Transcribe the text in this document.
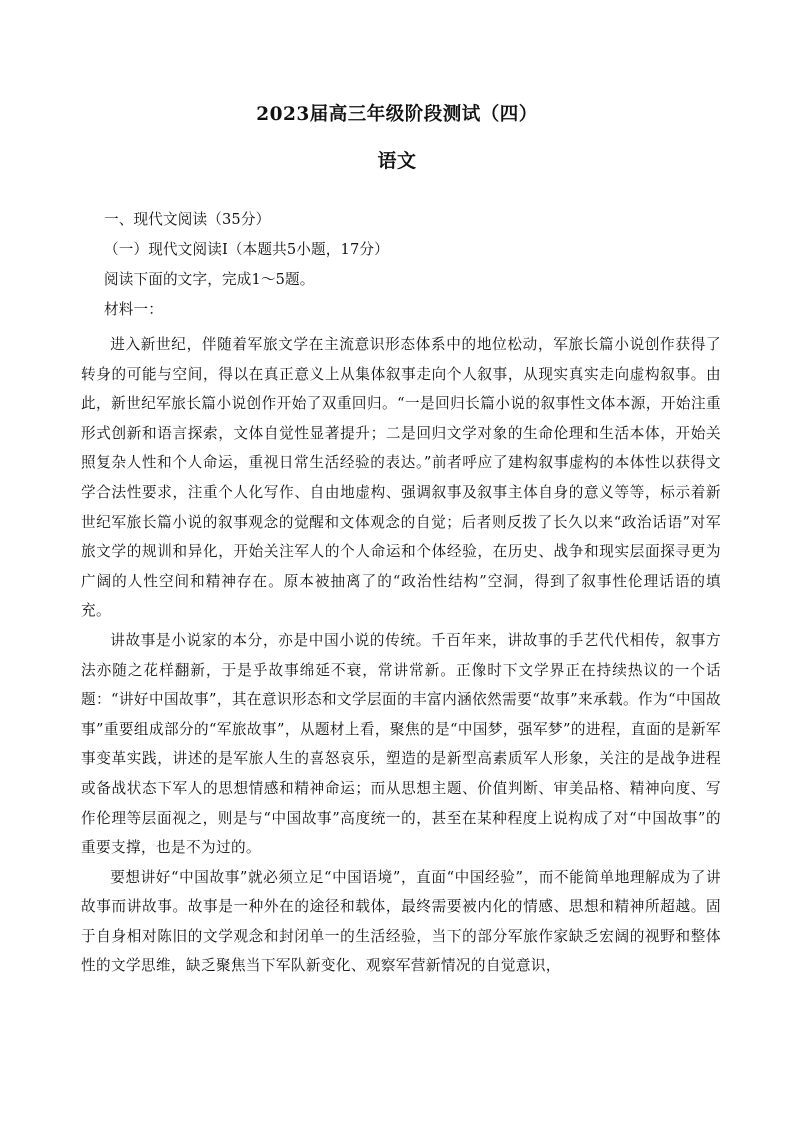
2023届高三年级阶段测试（四）
语文
一、现代文阅读（35分）
（一）现代文阅读I（本题共5小题，17分）
阅读下面的文字，完成1～5题。
材料一：

进入新世纪，伴随着军旅文学在主流意识形态体系中的地位松动，军旅长篇小说创作获得了转身的可能与空间，得以在真正意义上从集体叙事走向个人叙事，从现实真实走向虚构叙事。由此，新世纪军旅长篇小说创作开始了双重回归。“一是回归长篇小说的叙事性文体本源，开始注重形式创新和语言探索，文体自觉性显著提升；二是回归文学对象的生命伦理和生活本体，开始关照复杂人性和个人命运，重视日常生活经验的表达。”前者呼应了建构叙事虚构的本体性以获得文学合法性要求，注重个人化写作、自由地虚构、强调叙事及叙事主体自身的意义等等，标示着新世纪军旅长篇小说的叙事观念的觉醒和文体观念的自觉；后者则反拨了长久以来“政治话语”对军旅文学的规训和异化，开始关注军人的个人命运和个体经验，在历史、战争和现实层面探寻更为广阔的人性空间和精神存在。原本被抽离了的“政治性结构”空洞，得到了叙事性伦理话语的填充。

讲故事是小说家的本分，亦是中国小说的传统。千百年来，讲故事的手艺代代相传，叙事方法亦随之花样翻新，于是乎故事绵延不衰，常讲常新。正像时下文学界正在持续热议的一个话题：“讲好中国故事”，其在意识形态和文学层面的丰富内涵依然需要“故事”来承载。作为“中国故事”重要组成部分的“军旅故事”，从题材上看，聚焦的是“中国梦，强军梦”的进程，直面的是新军事变革实践，讲述的是军旅人生的喜怒哀乐，塑造的是新型高素质军人形象，关注的是战争进程或备战状态下军人的思想情感和精神命运；而从思想主题、价值判断、审美品格、精神向度、写作伦理等层面视之，则是与“中国故事”高度统一的，甚至在某种程度上说构成了对“中国故事”的重要支撑，也是不为过的。

要想讲好“中国故事”就必须立足“中国语境”，直面“中国经验”，而不能简单地理解成为了讲故事而讲故事。故事是一种外在的途径和载体，最终需要被内化的情感、思想和精神所超越。固于自身相对陈旧的文学观念和封闭单一的生活经验，当下的部分军旅作家缺乏宏阔的视野和整体性的文学思维，缺乏聚焦当下军队新变化、观察军营新情况的自觉意识，
